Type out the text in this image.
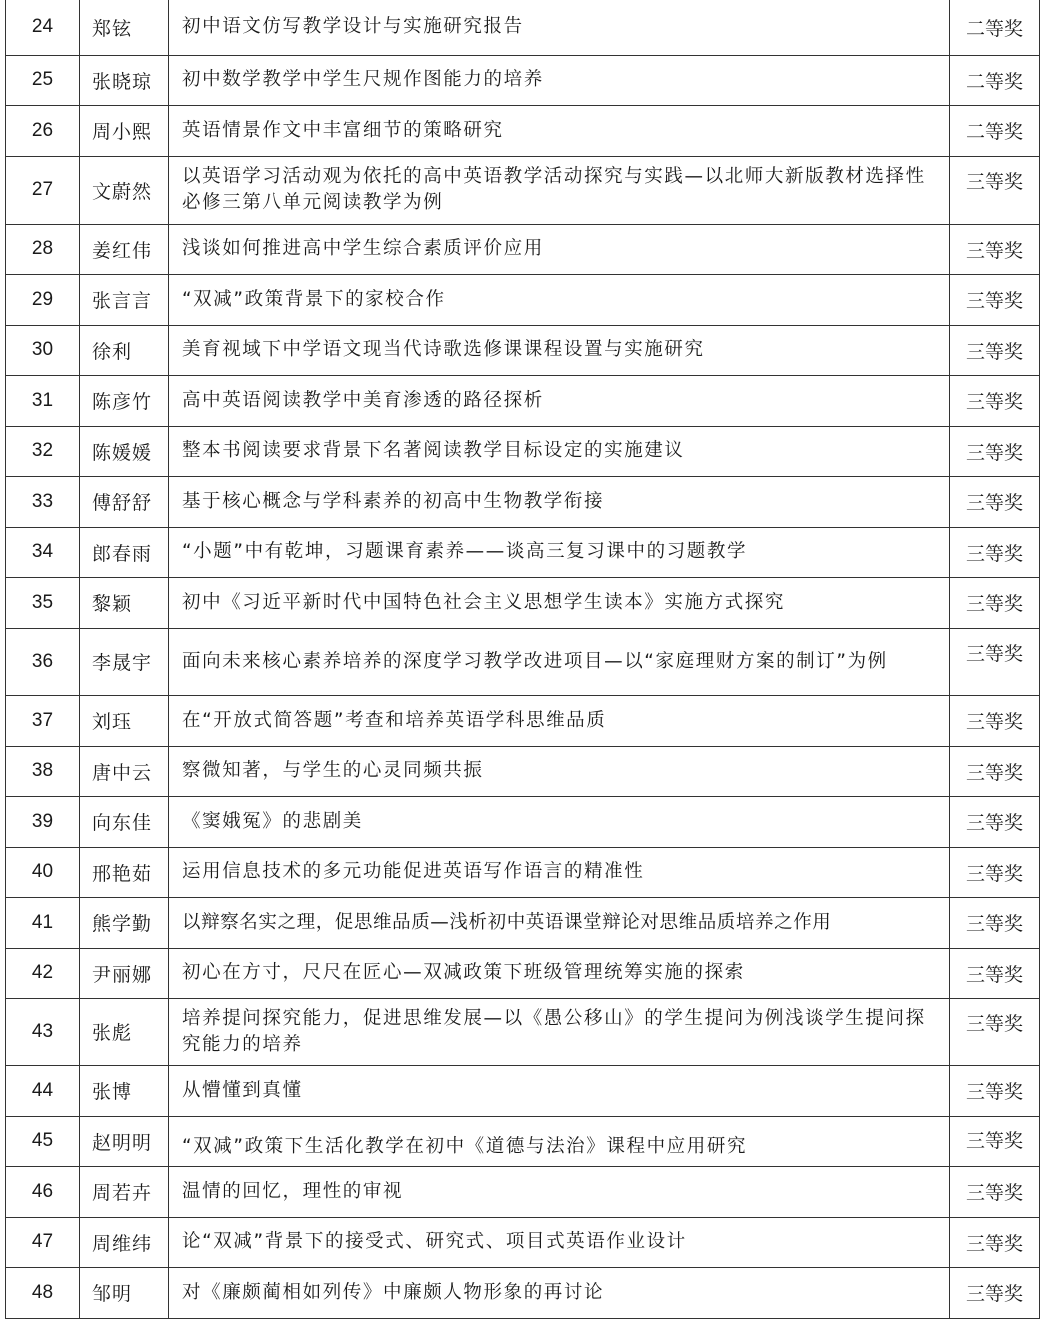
24	郑铉	初中语文仿写教学设计与实施研究报告	二等奖
25	张晓琼	初中数学教学中学生尺规作图能力的培养	二等奖
26	周小熙	英语情景作文中丰富细节的策略研究	二等奖
27	文蔚然	以英语学习活动观为依托的高中英语教学活动探究与实践—以北师大新版教材选择性必修三第八单元阅读教学为例	三等奖
28	姜红伟	浅谈如何推进高中学生综合素质评价应用	三等奖
29	张言言	“双减”政策背景下的家校合作	三等奖
30	徐利	美育视域下中学语文现当代诗歌选修课课程设置与实施研究	三等奖
31	陈彦竹	高中英语阅读教学中美育渗透的路径探析	三等奖
32	陈媛媛	整本书阅读要求背景下名著阅读教学目标设定的实施建议	三等奖
33	傅舒舒	基于核心概念与学科素养的初高中生物教学衔接	三等奖
34	郎春雨	“小题”中有乾坤，习题课育素养——谈高三复习课中的习题教学	三等奖
35	黎颖	初中《习近平新时代中国特色社会主义思想学生读本》实施方式探究	三等奖
36	李晟宇	面向未来核心素养培养的深度学习教学改进项目—以“家庭理财方案的制订”为例	三等奖
37	刘珏	在“开放式简答题”考查和培养英语学科思维品质	三等奖
38	唐中云	察微知著，与学生的心灵同频共振	三等奖
39	向东佳	《窦娥冤》的悲剧美	三等奖
40	邢艳茹	运用信息技术的多元功能促进英语写作语言的精准性	三等奖
41	熊学勤	以辩察名实之理，促思维品质—浅析初中英语课堂辩论对思维品质培养之作用	三等奖
42	尹丽娜	初心在方寸，尺尺在匠心—双减政策下班级管理统筹实施的探索	三等奖
43	张彪	培养提问探究能力，促进思维发展—以《愚公移山》的学生提问为例浅谈学生提问探究能力的培养	三等奖
44	张博	从懵懂到真懂	三等奖
45	赵明明	“双减”政策下生活化教学在初中《道德与法治》课程中应用研究	三等奖
46	周若卉	温情的回忆，理性的审视	三等奖
47	周维纬	论“双减”背景下的接受式、研究式、项目式英语作业设计	三等奖
48	邹明	对《廉颇蔺相如列传》中廉颇人物形象的再讨论	三等奖
